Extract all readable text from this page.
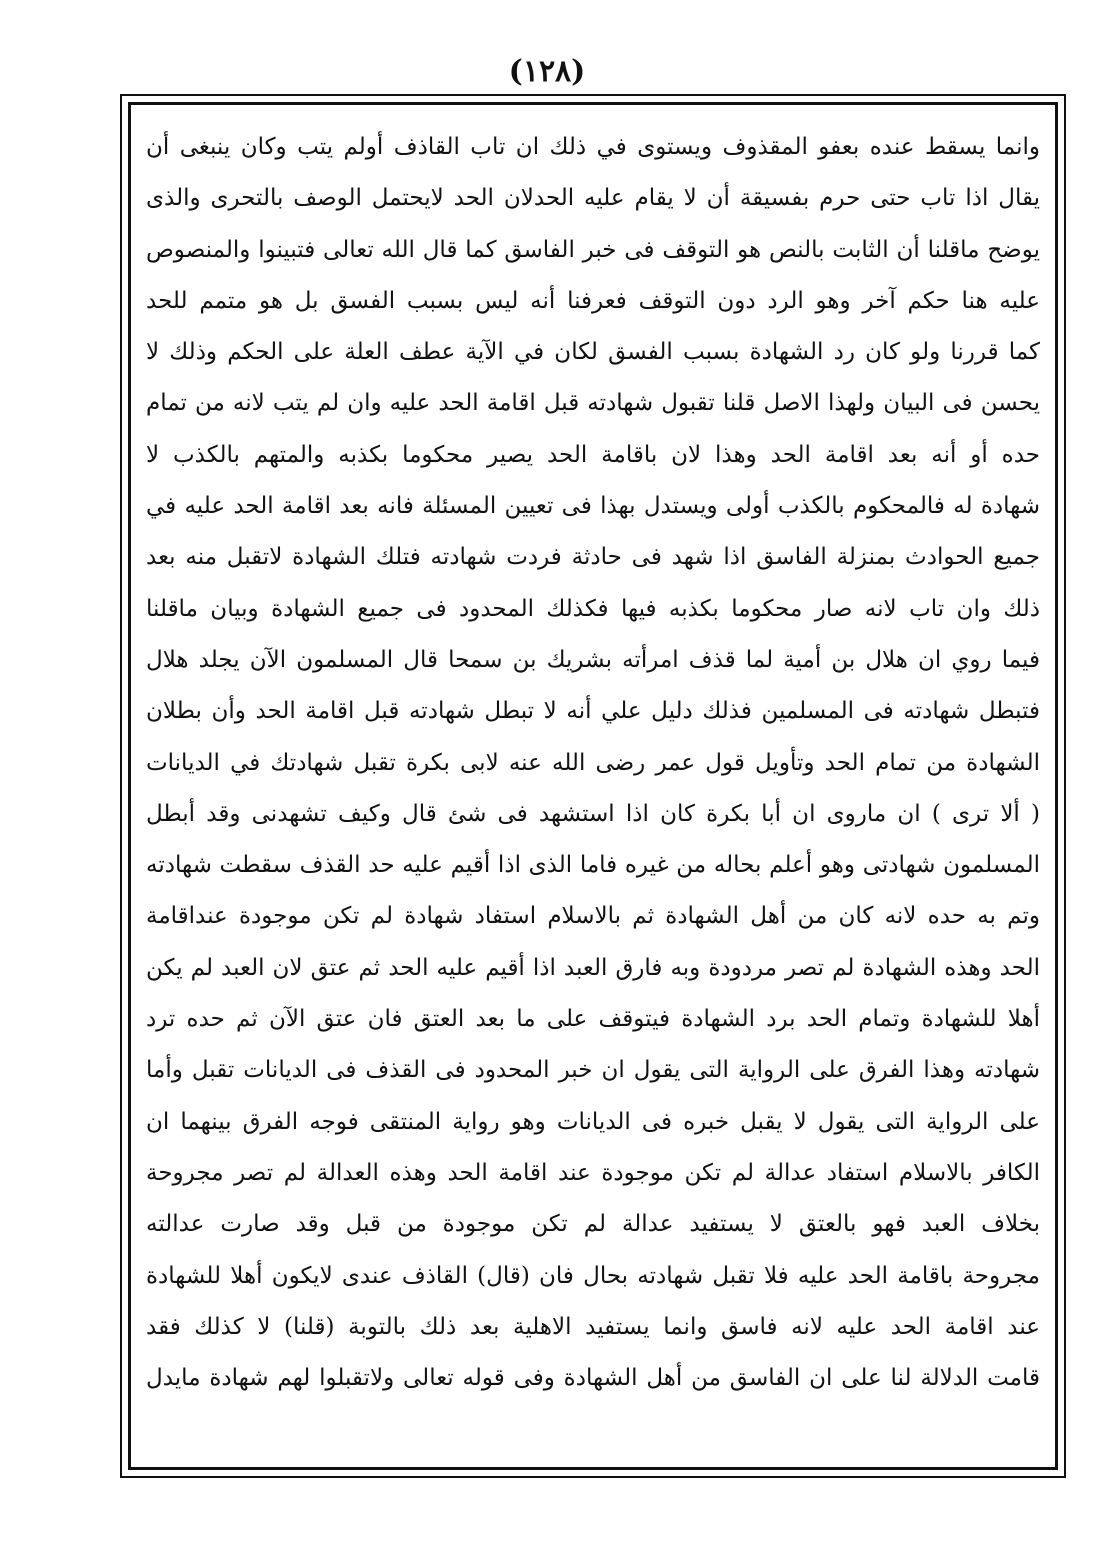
(١٢٨)
وانما يسقط عنده بعفو المقذوف ويستوى في ذلك ان تاب القاذف أولم يتب وكان ينبغى أن
يقال اذا تاب حتى حرم بفسيقة أن لا يقام عليه الحدلان الحد لايحتمل الوصف بالتحرى والذى
يوضح ماقلنا أن الثابت بالنص هو التوقف فى خبر الفاسق كما قال الله تعالى فتبينوا والمنصوص
عليه هنا حكم آخر وهو الرد دون التوقف فعرفنا أنه ليس بسبب الفسق بل هو متمم للحد
كما قررنا ولو كان رد الشهادة بسبب الفسق لكان في الآية عطف العلة على الحكم وذلك لا
يحسن فى البيان ولهذا الاصل قلنا تقبول شهادته قبل اقامة الحد عليه وان لم يتب لانه من تمام
حده أو أنه بعد اقامة الحد وهذا لان باقامة الحد يصير محكوما بكذبه والمتهم بالكذب لا
شهادة له فالمحكوم بالكذب أولى ويستدل بهذا فى تعيين المسئلة فانه بعد اقامة الحد عليه في
جميع الحوادث بمنزلة الفاسق اذا شهد فى حادثة فردت شهادته فتلك الشهادة لاتقبل منه بعد
ذلك وان تاب لانه صار محكوما بكذبه فيها فكذلك المحدود فى جميع الشهادة وبيان ماقلنا
فيما روي ان هلال بن أمية لما قذف امرأته بشريك بن سمحا قال المسلمون الآن يجلد هلال
فتبطل شهادته فى المسلمين فذلك دليل علي أنه لا تبطل شهادته قبل اقامة الحد وأن بطلان
الشهادة من تمام الحد وتأويل قول عمر رضى الله عنه لابى بكرة تقبل شهادتك في الديانات
( ألا ترى ) ان ماروى ان أبا بكرة كان اذا استشهد فى شئ قال وكيف تشهدنى وقد أبطل
المسلمون شهادتى وهو أعلم بحاله من غيره فاما الذى اذا أقيم عليه حد القذف سقطت شهادته
وتم به حده لانه كان من أهل الشهادة ثم بالاسلام استفاد شهادة لم تكن موجودة عنداقامة
الحد وهذه الشهادة لم تصر مردودة وبه فارق العبد اذا أقيم عليه الحد ثم عتق لان العبد لم يكن
أهلا للشهادة وتمام الحد برد الشهادة فيتوقف على ما بعد العتق فان عتق الآن ثم حده ترد
شهادته وهذا الفرق على الرواية التى يقول ان خبر المحدود فى القذف فى الديانات تقبل وأما
على الرواية التى يقول لا يقبل خبره فى الديانات وهو رواية المنتقى فوجه الفرق بينهما ان
الكافر بالاسلام استفاد عدالة لم تكن موجودة عند اقامة الحد وهذه العدالة لم تصر مجروحة
بخلاف العبد فهو بالعتق لا يستفيد عدالة لم تكن موجودة من قبل وقد صارت عدالته
مجروحة باقامة الحد عليه فلا تقبل شهادته بحال فان (قال) القاذف عندى لايكون أهلا للشهادة
عند اقامة الحد عليه لانه فاسق وانما يستفيد الاهلية بعد ذلك بالتوبة (قلنا) لا كذلك فقد
قامت الدلالة لنا على ان الفاسق من أهل الشهادة وفى قوله تعالى ولاتقبلوا لهم شهادة مايدل
